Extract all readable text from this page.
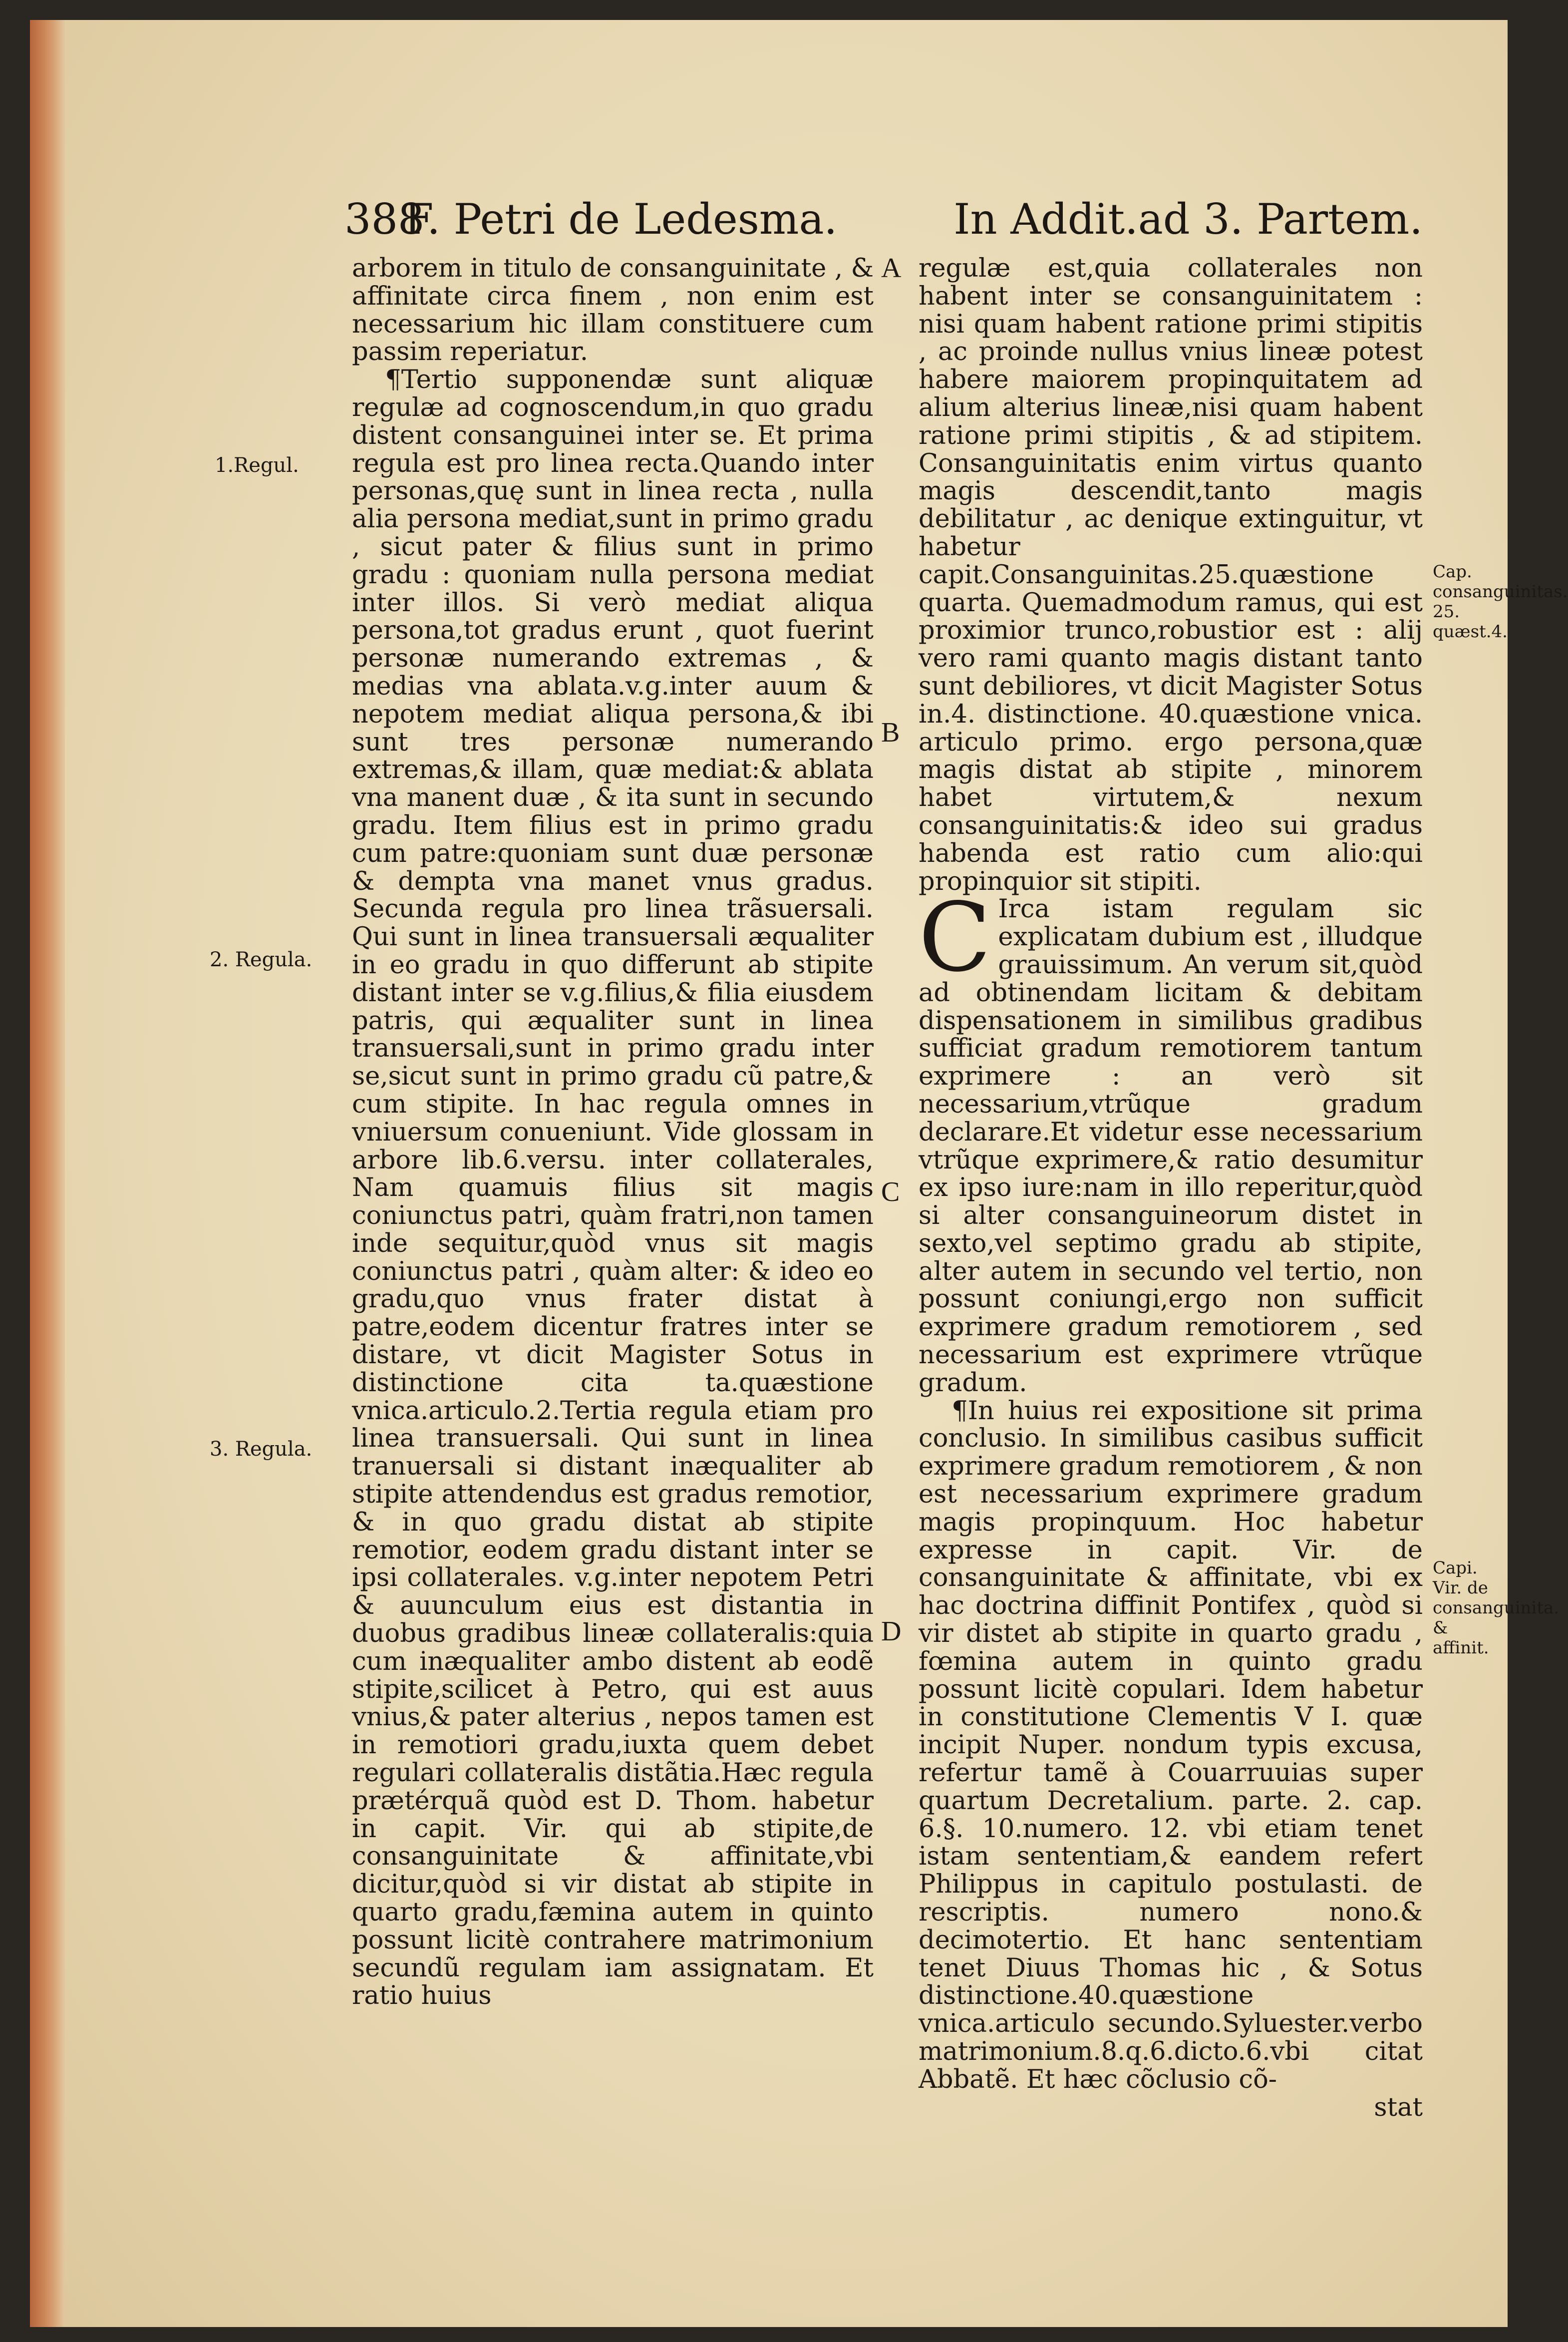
388
F. Petri de Ledesma.	In Addit.ad 3. Partem.

arborem in titulo de consanguinitate , & affinitate circa finem , non enim est necessarium hic illam constituere cum passim reperiatur.

¶Tertio supponendæ sunt aliquæ regulæ ad cognoscendum,in quo gradu distent consanguinei inter se. Et prima regula est pro linea recta.Quando inter personas,quę sunt in linea recta , nulla alia persona mediat,sunt in primo gradu , sicut pater & filius sunt in primo gradu : quoniam nulla persona mediat inter illos. Si verò mediat aliqua persona,tot gradus erunt , quot fuerint personæ numerando extremas , & medias vna ablata.v.g.inter auum & nepotem mediat aliqua persona,& ibi sunt tres personæ numerando extremas,& illam, quæ mediat:& ablata vna manent duæ , & ita sunt in secundo gradu. Item filius est in primo gradu cum patre:quoniam sunt duæ personæ & dempta vna manet vnus gradus. Secunda regula pro linea trãsuersali. Qui sunt in linea transuersali æqualiter in eo gradu in quo differunt ab stipite distant inter se v.g.filius,& filia eiusdem patris, qui æqualiter sunt in linea transuersali,sunt in primo gradu inter se,sicut sunt in primo gradu cũ patre,& cum stipite. In hac regula omnes in vniuersum conueniunt. Vide glossam in arbore lib.6.versu. inter collaterales, Nam quamuis filius sit magis coniunctus patri, quàm fratri,non tamen inde sequitur,quòd vnus sit magis coniunctus patri , quàm alter: & ideo eo gradu,quo vnus frater distat à patre,eodem dicentur fratres inter se distare, vt dicit Magister Sotus in distinctione cita ta.quæstione vnica.articulo.2.Tertia regula etiam pro linea transuersali. Qui sunt in linea tranuersali si distant inæqualiter ab stipite attendendus est gradus remotior, & in quo gradu distat ab stipite remotior, eodem gradu distant inter se ipsi collaterales. v.g.inter nepotem Petri & auunculum eius est distantia in duobus gradibus lineæ collateralis:quia cum inæqualiter ambo distent ab eodẽ stipite,scilicet à Petro, qui est auus vnius,& pater alterius , nepos tamen est in remotiori gradu,iuxta quem debet regulari collateralis distãtia.Hæc regula prætérquã quòd est D. Thom. habetur in capit. Vir. qui ab stipite,de consanguinitate & affinitate,vbi dicitur,quòd si vir distat ab stipite in quarto gradu,fæmina autem in quinto possunt licitè contrahere matrimonium secundũ regulam iam assignatam. Et ratio huius

regulæ est,quia collaterales non habent inter se consanguinitatem : nisi quam habent ratione primi stipitis , ac proinde nullus vnius lineæ potest habere maiorem propinquitatem ad alium alterius lineæ,nisi quam habent ratione primi stipitis , & ad stipitem. Consanguinitatis enim virtus quanto magis descendit,tanto magis debilitatur , ac denique extinguitur, vt habetur capit.Consanguinitas.25.quæstione quarta. Quemadmodum ramus, qui est proximior trunco,robustior est : alij vero rami quanto magis distant tanto sunt debiliores, vt dicit Magister Sotus in.4. distinctione. 40.quæstione vnica. articulo primo. ergo persona,quæ magis distat ab stipite , minorem habet virtutem,& nexum consanguinitatis:& ideo sui gradus habenda est ratio cum alio:qui propinquior sit stipiti.

C Irca istam regulam sic explicatam dubium est , illudque grauissimum. An verum sit,quòd ad obtinendam licitam & debitam dispensationem in similibus gradibus sufficiat gradum remotiorem tantum exprimere : an verò sit necessarium,vtrũque gradum declarare.Et videtur esse necessarium vtrũque exprimere,& ratio desumitur ex ipso iure:nam in illo reperitur,quòd si alter consanguineorum distet in sexto,vel septimo gradu ab stipite, alter autem in secundo vel tertio, non possunt coniungi,ergo non sufficit exprimere gradum remotiorem , sed necessarium est exprimere vtrũque gradum.

¶In huius rei expositione sit prima conclusio. In similibus casibus sufficit exprimere gradum remotiorem , & non est necessarium exprimere gradum magis propinquum. Hoc habetur expresse in capit. Vir. de consanguinitate & affinitate, vbi ex hac doctrina diffinit Pontifex , quòd si vir distet ab stipite in quarto gradu , fœmina autem in quinto gradu possunt licitè copulari. Idem habetur in constitutione Clementis V I. quæ incipit Nuper. nondum typis excusa, refertur tamẽ à Couarruuias super quartum Decretalium. parte. 2. cap. 6.§. 10.numero. 12. vbi etiam tenet istam sententiam,& eandem refert Philippus in capitulo postulasti. de rescriptis. numero nono.& decimotertio. Et hanc sententiam tenet Diuus Thomas hic , & Sotus distinctione.40.quæstione vnica.articulo secundo.Syluester.verbo matrimonium.8.q.6.dicto.6.vbi citat Abbatẽ. Et hæc cõclusio cõ-

stat

1.Regul.
2. Regula.
3. Regula.
A
B
C
D
Cap. consanguinitas. 25. quæst.4.
Capi. Vir. de consanguinita. & affinit.
